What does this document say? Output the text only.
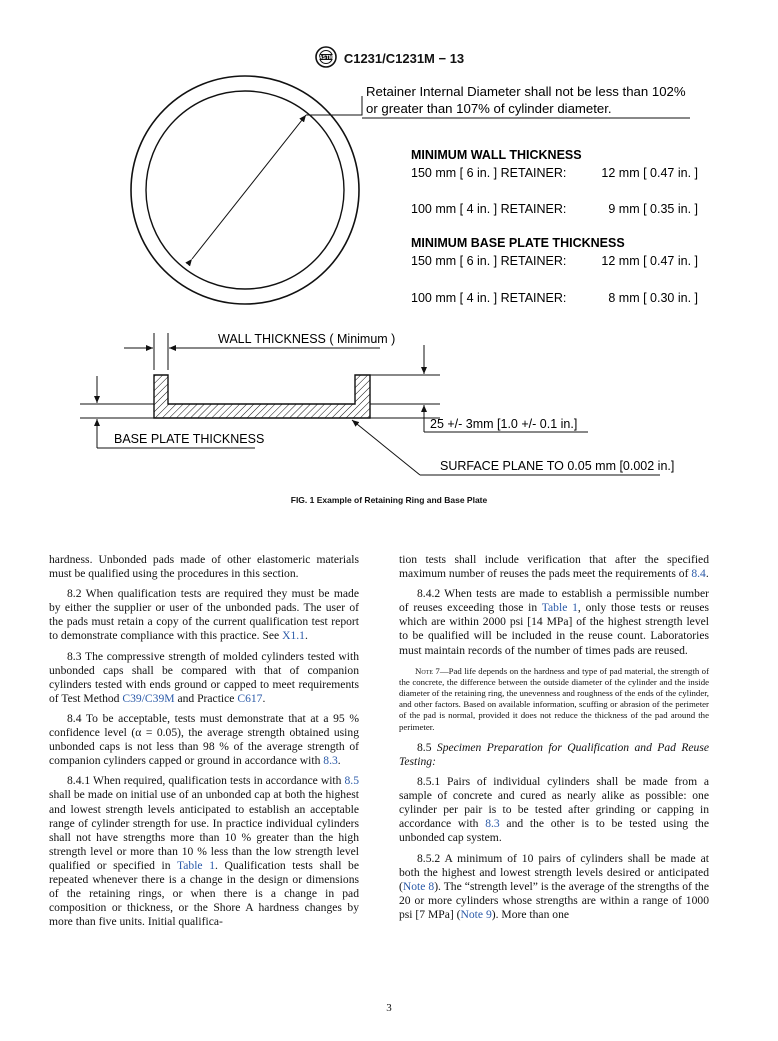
ASTM C1231/C1231M − 13
Retainer Internal Diameter shall not be less than 102%
or greater than 107% of cylinder diameter.
MINIMUM WALL THICKNESS
150 mm [ 6 in. ] RETAINER:	12 mm [ 0.47 in. ]
100 mm [ 4 in. ] RETAINER:	9 mm [ 0.35 in. ]
MINIMUM BASE PLATE THICKNESS
150 mm [ 6 in. ] RETAINER:	12 mm [ 0.47 in. ]
100 mm [ 4 in. ] RETAINER:	8 mm [ 0.30 in. ]
WALL THICKNESS ( Minimum )
BASE PLATE THICKNESS
25 +/- 3mm [1.0 +/- 0.1 in.]
SURFACE PLANE TO 0.05 mm [0.002 in.]
FIG. 1 Example of Retaining Ring and Base Plate

hardness. Unbonded pads made of other elastomeric materials must be qualified using the procedures in this section.

8.2 When qualification tests are required they must be made by either the supplier or user of the unbonded pads. The user of the pads must retain a copy of the current qualification test report to demonstrate compliance with this practice. See X1.1.

8.3 The compressive strength of molded cylinders tested with unbonded caps shall be compared with that of companion cylinders tested with ends ground or capped to meet requirements of Test Method C39/C39M and Practice C617.

8.4 To be acceptable, tests must demonstrate that at a 95 % confidence level (α = 0.05), the average strength obtained using unbonded caps is not less than 98 % of the average strength of companion cylinders capped or ground in accordance with 8.3.

8.4.1 When required, qualification tests in accordance with 8.5 shall be made on initial use of an unbonded cap at both the highest and lowest strength levels anticipated to establish an acceptable range of cylinder strength for use. In practice individual cylinders shall not have strengths more than 10 % greater than the high strength level or more than 10 % less than the low strength level qualified or specified in Table 1. Qualification tests shall be repeated whenever there is a change in the design or dimensions of the retaining rings, or when there is a change in pad composition or thickness, or the Shore A hardness changes by more than five units. Initial qualifica-

tion tests shall include verification that after the specified maximum number of reuses the pads meet the requirements of 8.4.

8.4.2 When tests are made to establish a permissible number of reuses exceeding those in Table 1, only those tests or reuses which are within 2000 psi [14 MPa] of the highest strength level to be qualified will be included in the reuse count. Laboratories must maintain records of the number of times pads are reused.

Note 7—Pad life depends on the hardness and type of pad material, the strength of the concrete, the difference between the outside diameter of the cylinder and the inside diameter of the retaining ring, the unevenness and roughness of the ends of the cylinder, and other factors. Based on available information, scuffing or abrasion of the perimeter of the pad is normal, provided it does not reduce the thickness of the pad around the perimeter.

8.5 Specimen Preparation for Qualification and Pad Reuse Testing:

8.5.1 Pairs of individual cylinders shall be made from a sample of concrete and cured as nearly alike as possible: one cylinder per pair is to be tested after grinding or capping in accordance with 8.3 and the other is to be tested using the unbonded cap system.

8.5.2 A minimum of 10 pairs of cylinders shall be made at both the highest and lowest strength levels desired or anticipated (Note 8). The “strength level” is the average of the strengths of the 20 or more cylinders whose strengths are within a range of 1000 psi [7 MPa] (Note 9). More than one

3
